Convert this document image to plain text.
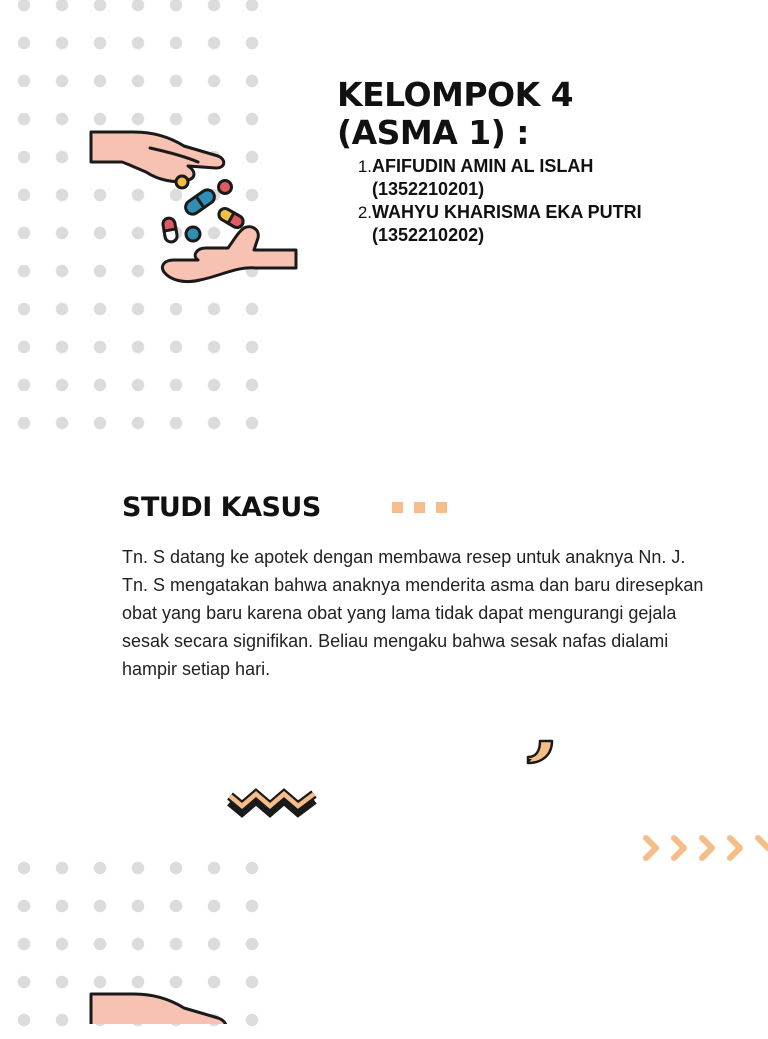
KELOMPOK 4
(ASMA 1) :
1. AFIFUDIN AMIN AL ISLAH
(1352210201)
2. WAHYU KHARISMA EKA PUTRI
(1352210202)
STUDI KASUS

Tn. S datang ke apotek dengan membawa resep untuk anaknya Nn. J. Tn. S mengatakan bahwa anaknya menderita asma dan baru diresepkan obat yang baru karena obat yang lama tidak dapat mengurangi gejala sesak secara signifikan. Beliau mengaku bahwa sesak nafas dialami hampir setiap hari.
